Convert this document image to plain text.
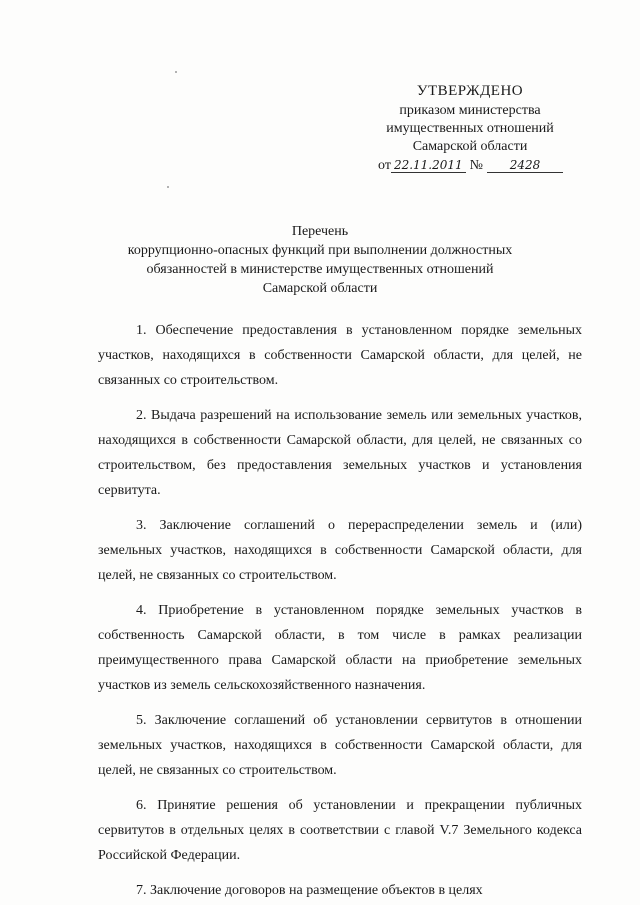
УТВЕРЖДЕНО
приказом министерства
имущественных отношений
Самарской области
от 22.11.2011 № 2428
Перечень
коррупционно-опасных функций при выполнении должностных
обязанностей в министерстве имущественных отношений
Самарской области
1. Обеспечение предоставления в установленном порядке земельных участков, находящихся в собственности Самарской области, для целей, не связанных со строительством.
2. Выдача разрешений на использование земель или земельных участков, находящихся в собственности Самарской области, для целей, не связанных со строительством, без предоставления земельных участков и установления сервитута.
3. Заключение соглашений о перераспределении земель и (или) земельных участков, находящихся в собственности Самарской области, для целей, не связанных со строительством.
4. Приобретение в установленном порядке земельных участков в собственность Самарской области, в том числе в рамках реализации преимущественного права Самарской области на приобретение земельных участков из земель сельскохозяйственного назначения.
5. Заключение соглашений об установлении сервитутов в отношении земельных участков, находящихся в собственности Самарской области, для целей, не связанных со строительством.
6. Принятие решения об установлении и прекращении публичных сервитутов в отдельных целях в соответствии с главой V.7 Земельного кодекса Российской Федерации.
7. Заключение договоров на размещение объектов в целях
